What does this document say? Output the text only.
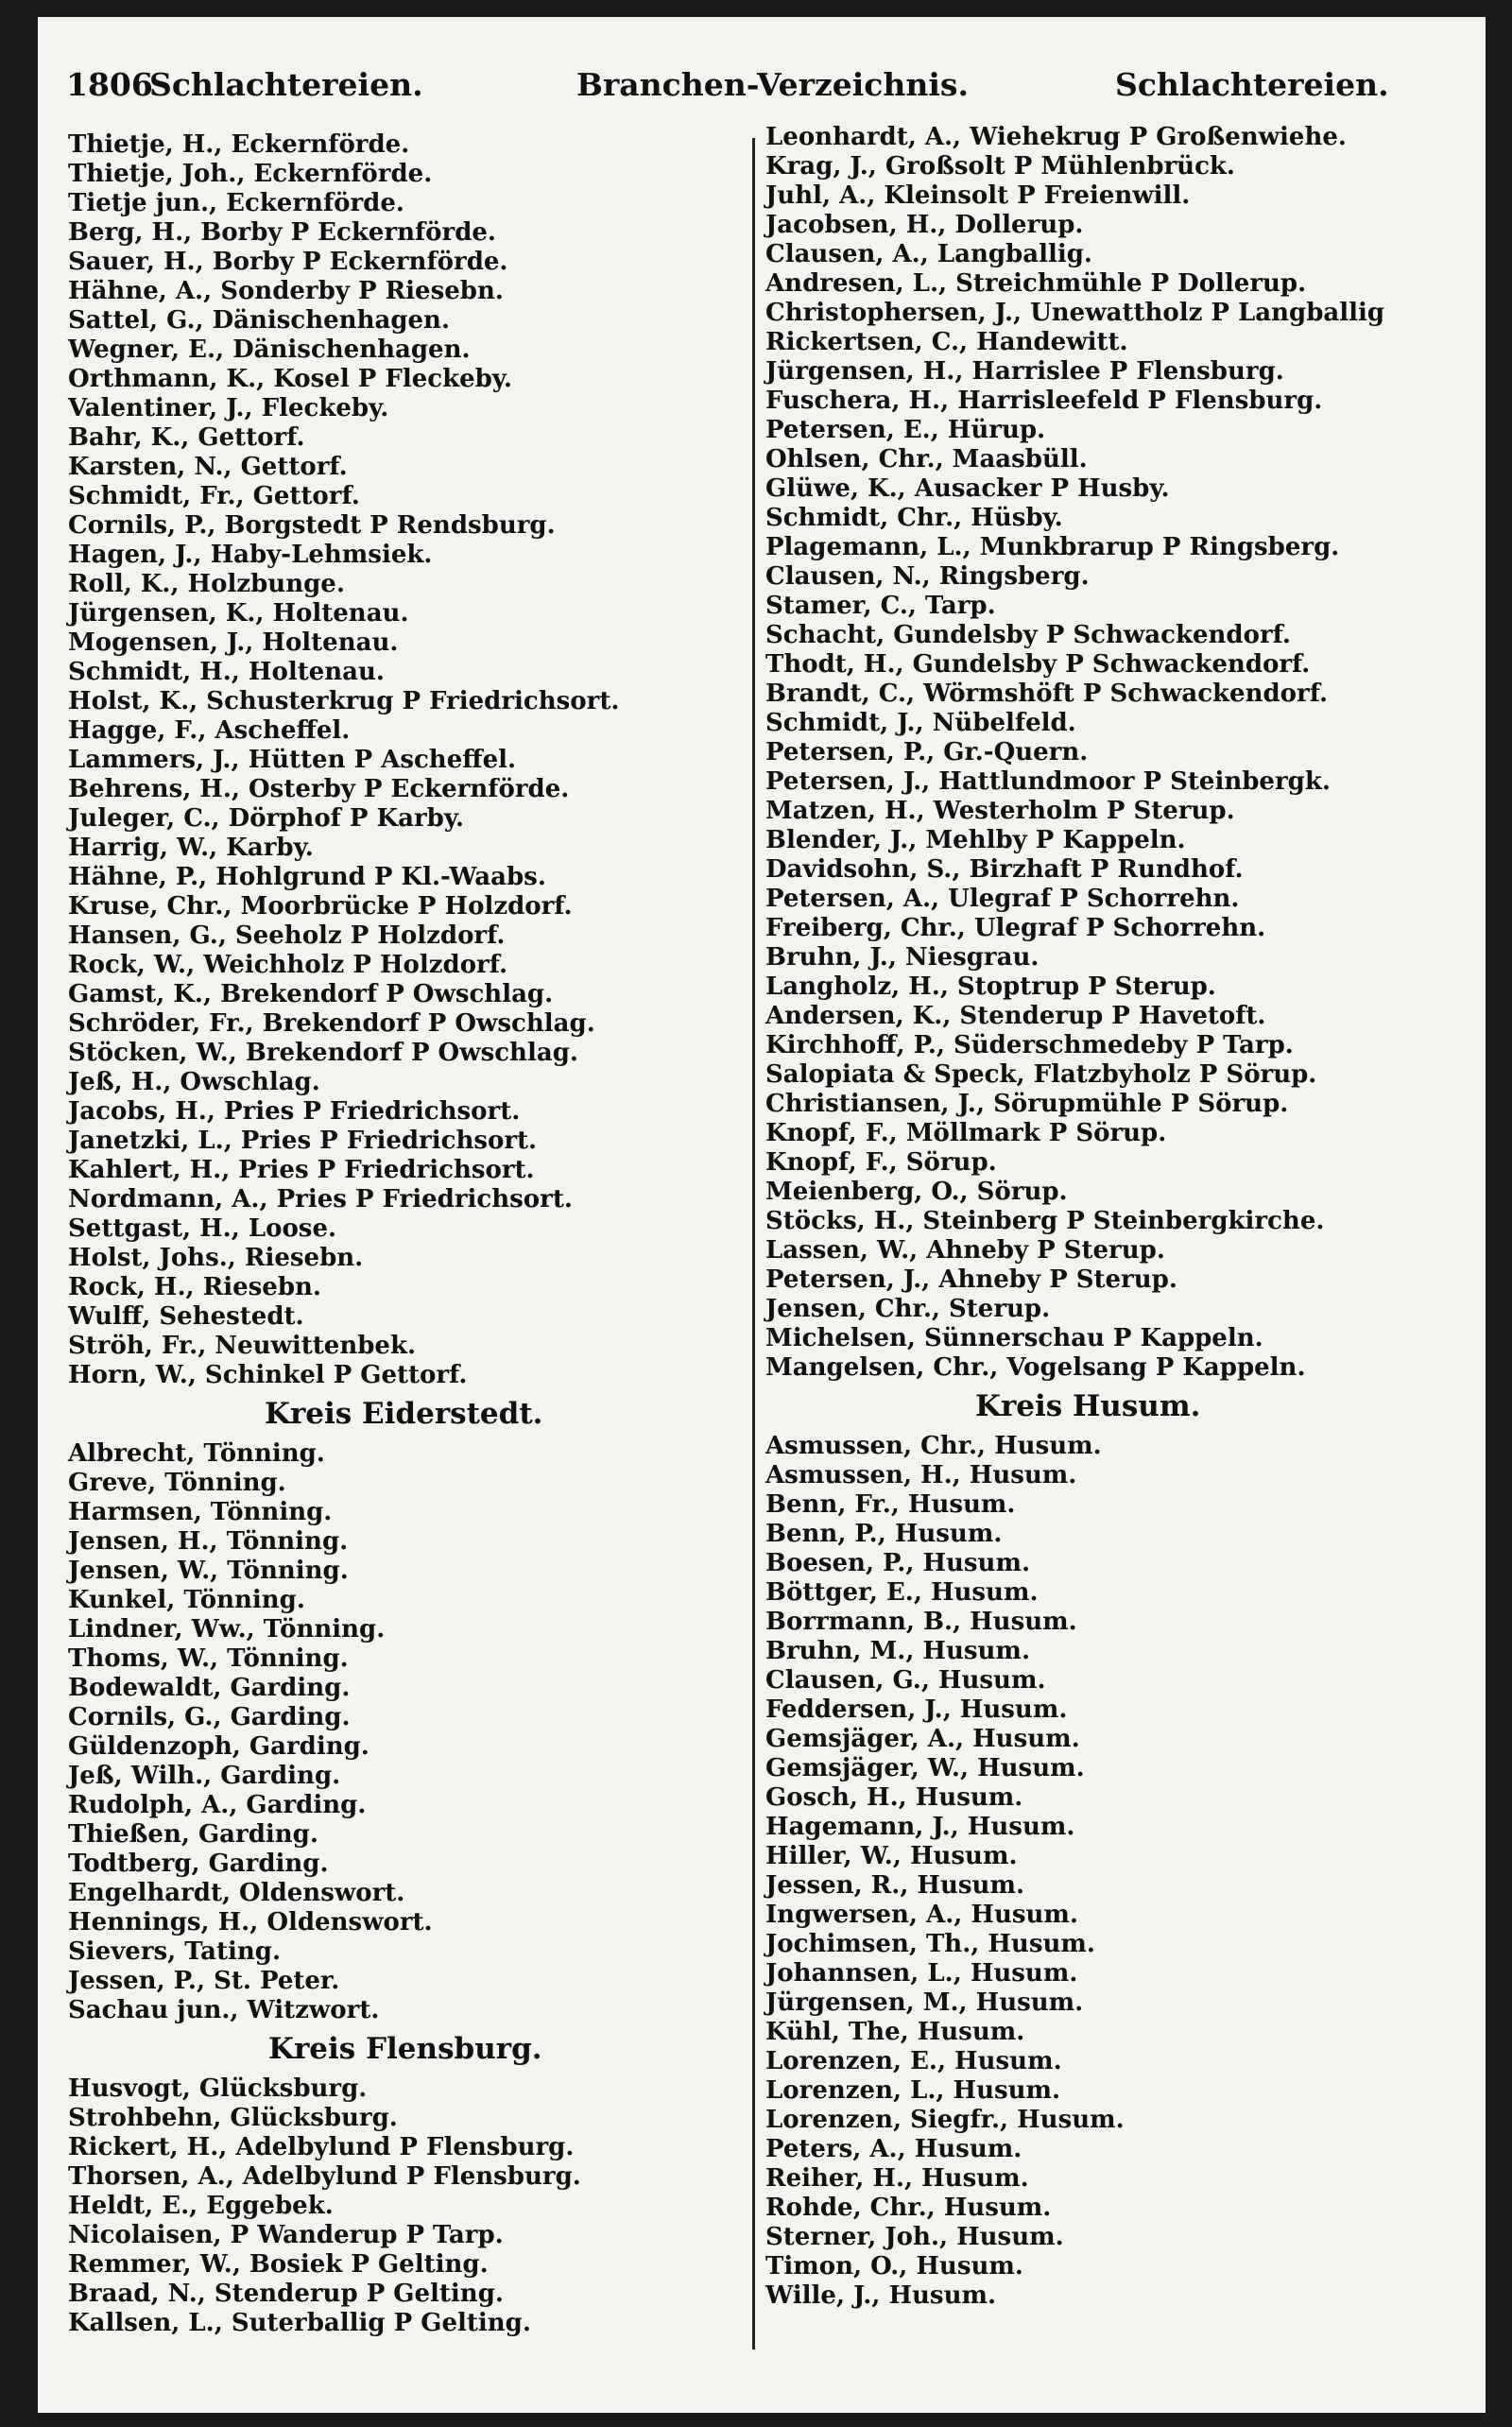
1806
Schlachtereien.	Branchen-Verzeichnis.	Schlachtereien.
Thietje, H., Eckernförde.
Thietje, Joh., Eckernförde.
Tietje jun., Eckernförde.
Berg, H., Borby P Eckernförde.
Sauer, H., Borby P Eckernförde.
Hähne, A., Sonderby P Riesebn.
Sattel, G., Dänischenhagen.
Wegner, E., Dänischenhagen.
Orthmann, K., Kosel P Fleckeby.
Valentiner, J., Fleckeby.
Bahr, K., Gettorf.
Karsten, N., Gettorf.
Schmidt, Fr., Gettorf.
Cornils, P., Borgstedt P Rendsburg.
Hagen, J., Haby-Lehmsiek.
Roll, K., Holzbunge.
Jürgensen, K., Holtenau.
Mogensen, J., Holtenau.
Schmidt, H., Holtenau.
Holst, K., Schusterkrug P Friedrichsort.
Hagge, F., Ascheffel.
Lammers, J., Hütten P Ascheffel.
Behrens, H., Osterby P Eckernförde.
Juleger, C., Dörphof P Karby.
Harrig, W., Karby.
Hähne, P., Hohlgrund P Kl.-Waabs.
Kruse, Chr., Moorbrücke P Holzdorf.
Hansen, G., Seeholz P Holzdorf.
Rock, W., Weichholz P Holzdorf.
Gamst, K., Brekendorf P Owschlag.
Schröder, Fr., Brekendorf P Owschlag.
Stöcken, W., Brekendorf P Owschlag.
Jeß, H., Owschlag.
Jacobs, H., Pries P Friedrichsort.
Janetzki, L., Pries P Friedrichsort.
Kahlert, H., Pries P Friedrichsort.
Nordmann, A., Pries P Friedrichsort.
Settgast, H., Loose.
Holst, Johs., Riesebn.
Rock, H., Riesebn.
Wulff, Sehestedt.
Ströh, Fr., Neuwittenbek.
Horn, W., Schinkel P Gettorf.
Kreis Eiderstedt.
Albrecht, Tönning.
Greve, Tönning.
Harmsen, Tönning.
Jensen, H., Tönning.
Jensen, W., Tönning.
Kunkel, Tönning.
Lindner, Ww., Tönning.
Thoms, W., Tönning.
Bodewaldt, Garding.
Cornils, G., Garding.
Güldenzoph, Garding.
Jeß, Wilh., Garding.
Rudolph, A., Garding.
Thießen, Garding.
Todtberg, Garding.
Engelhardt, Oldenswort.
Hennings, H., Oldenswort.
Sievers, Tating.
Jessen, P., St. Peter.
Sachau jun., Witzwort.
Kreis Flensburg.
Husvogt, Glücksburg.
Strohbehn, Glücksburg.
Rickert, H., Adelbylund P Flensburg.
Thorsen, A., Adelbylund P Flensburg.
Heldt, E., Eggebek.
Nicolaisen, P Wanderup P Tarp.
Remmer, W., Bosiek P Gelting.
Braad, N., Stenderup P Gelting.
Kallsen, L., Suterballig P Gelting.
Leonhardt, A., Wiehekrug P Großenwiehe.
Krag, J., Großsolt P Mühlenbrück.
Juhl, A., Kleinsolt P Freienwill.
Jacobsen, H., Dollerup.
Clausen, A., Langballig.
Andresen, L., Streichmühle P Dollerup.
Christophersen, J., Unewattholz P Langballig
Rickertsen, C., Handewitt.
Jürgensen, H., Harrislee P Flensburg.
Fuschera, H., Harrisleefeld P Flensburg.
Petersen, E., Hürup.
Ohlsen, Chr., Maasbüll.
Glüwe, K., Ausacker P Husby.
Schmidt, Chr., Hüsby.
Plagemann, L., Munkbrarup P Ringsberg.
Clausen, N., Ringsberg.
Stamer, C., Tarp.
Schacht, Gundelsby P Schwackendorf.
Thodt, H., Gundelsby P Schwackendorf.
Brandt, C., Wörmshöft P Schwackendorf.
Schmidt, J., Nübelfeld.
Petersen, P., Gr.-Quern.
Petersen, J., Hattlundmoor P Steinbergk.
Matzen, H., Westerholm P Sterup.
Blender, J., Mehlby P Kappeln.
Davidsohn, S., Birzhaft P Rundhof.
Petersen, A., Ulegraf P Schorrehn.
Freiberg, Chr., Ulegraf P Schorrehn.
Bruhn, J., Niesgrau.
Langholz, H., Stoptrup P Sterup.
Andersen, K., Stenderup P Havetoft.
Kirchhoff, P., Süderschmedeby P Tarp.
Salopiata & Speck, Flatzbyholz P Sörup.
Christiansen, J., Sörupmühle P Sörup.
Knopf, F., Möllmark P Sörup.
Knopf, F., Sörup.
Meienberg, O., Sörup.
Stöcks, H., Steinberg P Steinbergkirche.
Lassen, W., Ahneby P Sterup.
Petersen, J., Ahneby P Sterup.
Jensen, Chr., Sterup.
Michelsen, Sünnerschau P Kappeln.
Mangelsen, Chr., Vogelsang P Kappeln.
Kreis Husum.
Asmussen, Chr., Husum.
Asmussen, H., Husum.
Benn, Fr., Husum.
Benn, P., Husum.
Boesen, P., Husum.
Böttger, E., Husum.
Borrmann, B., Husum.
Bruhn, M., Husum.
Clausen, G., Husum.
Feddersen, J., Husum.
Gemsjäger, A., Husum.
Gemsjäger, W., Husum.
Gosch, H., Husum.
Hagemann, J., Husum.
Hiller, W., Husum.
Jessen, R., Husum.
Ingwersen, A., Husum.
Jochimsen, Th., Husum.
Johannsen, L., Husum.
Jürgensen, M., Husum.
Kühl, The, Husum.
Lorenzen, E., Husum.
Lorenzen, L., Husum.
Lorenzen, Siegfr., Husum.
Peters, A., Husum.
Reiher, H., Husum.
Rohde, Chr., Husum.
Sterner, Joh., Husum.
Timon, O., Husum.
Wille, J., Husum.
